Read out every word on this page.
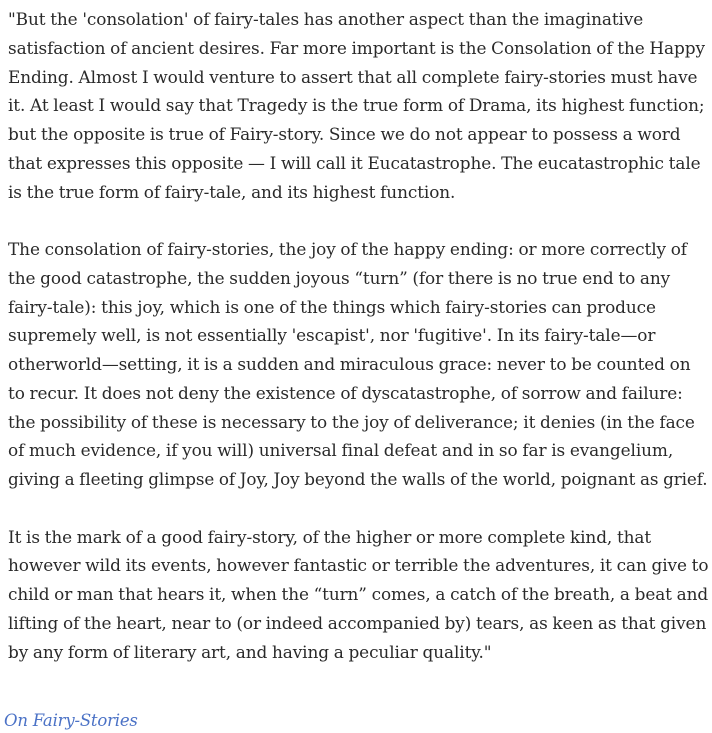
"But the 'consolation' of fairy-tales has another aspect than the imaginative
satisfaction of ancient desires. Far more important is the Consolation of the Happy
Ending. Almost I would venture to assert that all complete fairy-stories must have
it. At least I would say that Tragedy is the true form of Drama, its highest function;
but the opposite is true of Fairy-story. Since we do not appear to possess a word
that expresses this opposite — I will call it Eucatastrophe. The eucatastrophic tale
is the true form of fairy-tale, and its highest function.

The consolation of fairy-stories, the joy of the happy ending: or more correctly of
the good catastrophe, the sudden joyous “turn” (for there is no true end to any
fairy-tale): this joy, which is one of the things which fairy-stories can produce
supremely well, is not essentially 'escapist', nor 'fugitive'. In its fairy-tale—or
otherworld—setting, it is a sudden and miraculous grace: never to be counted on
to recur. It does not deny the existence of dyscatastrophe, of sorrow and failure:
the possibility of these is necessary to the joy of deliverance; it denies (in the face
of much evidence, if you will) universal final defeat and in so far is evangelium,
giving a fleeting glimpse of Joy, Joy beyond the walls of the world, poignant as grief.

It is the mark of a good fairy-story, of the higher or more complete kind, that
however wild its events, however fantastic or terrible the adventures, it can give to
child or man that hears it, when the “turn” comes, a catch of the breath, a beat and
lifting of the heart, near to (or indeed accompanied by) tears, as keen as that given
by any form of literary art, and having a peculiar quality."

On Fairy-Stories
